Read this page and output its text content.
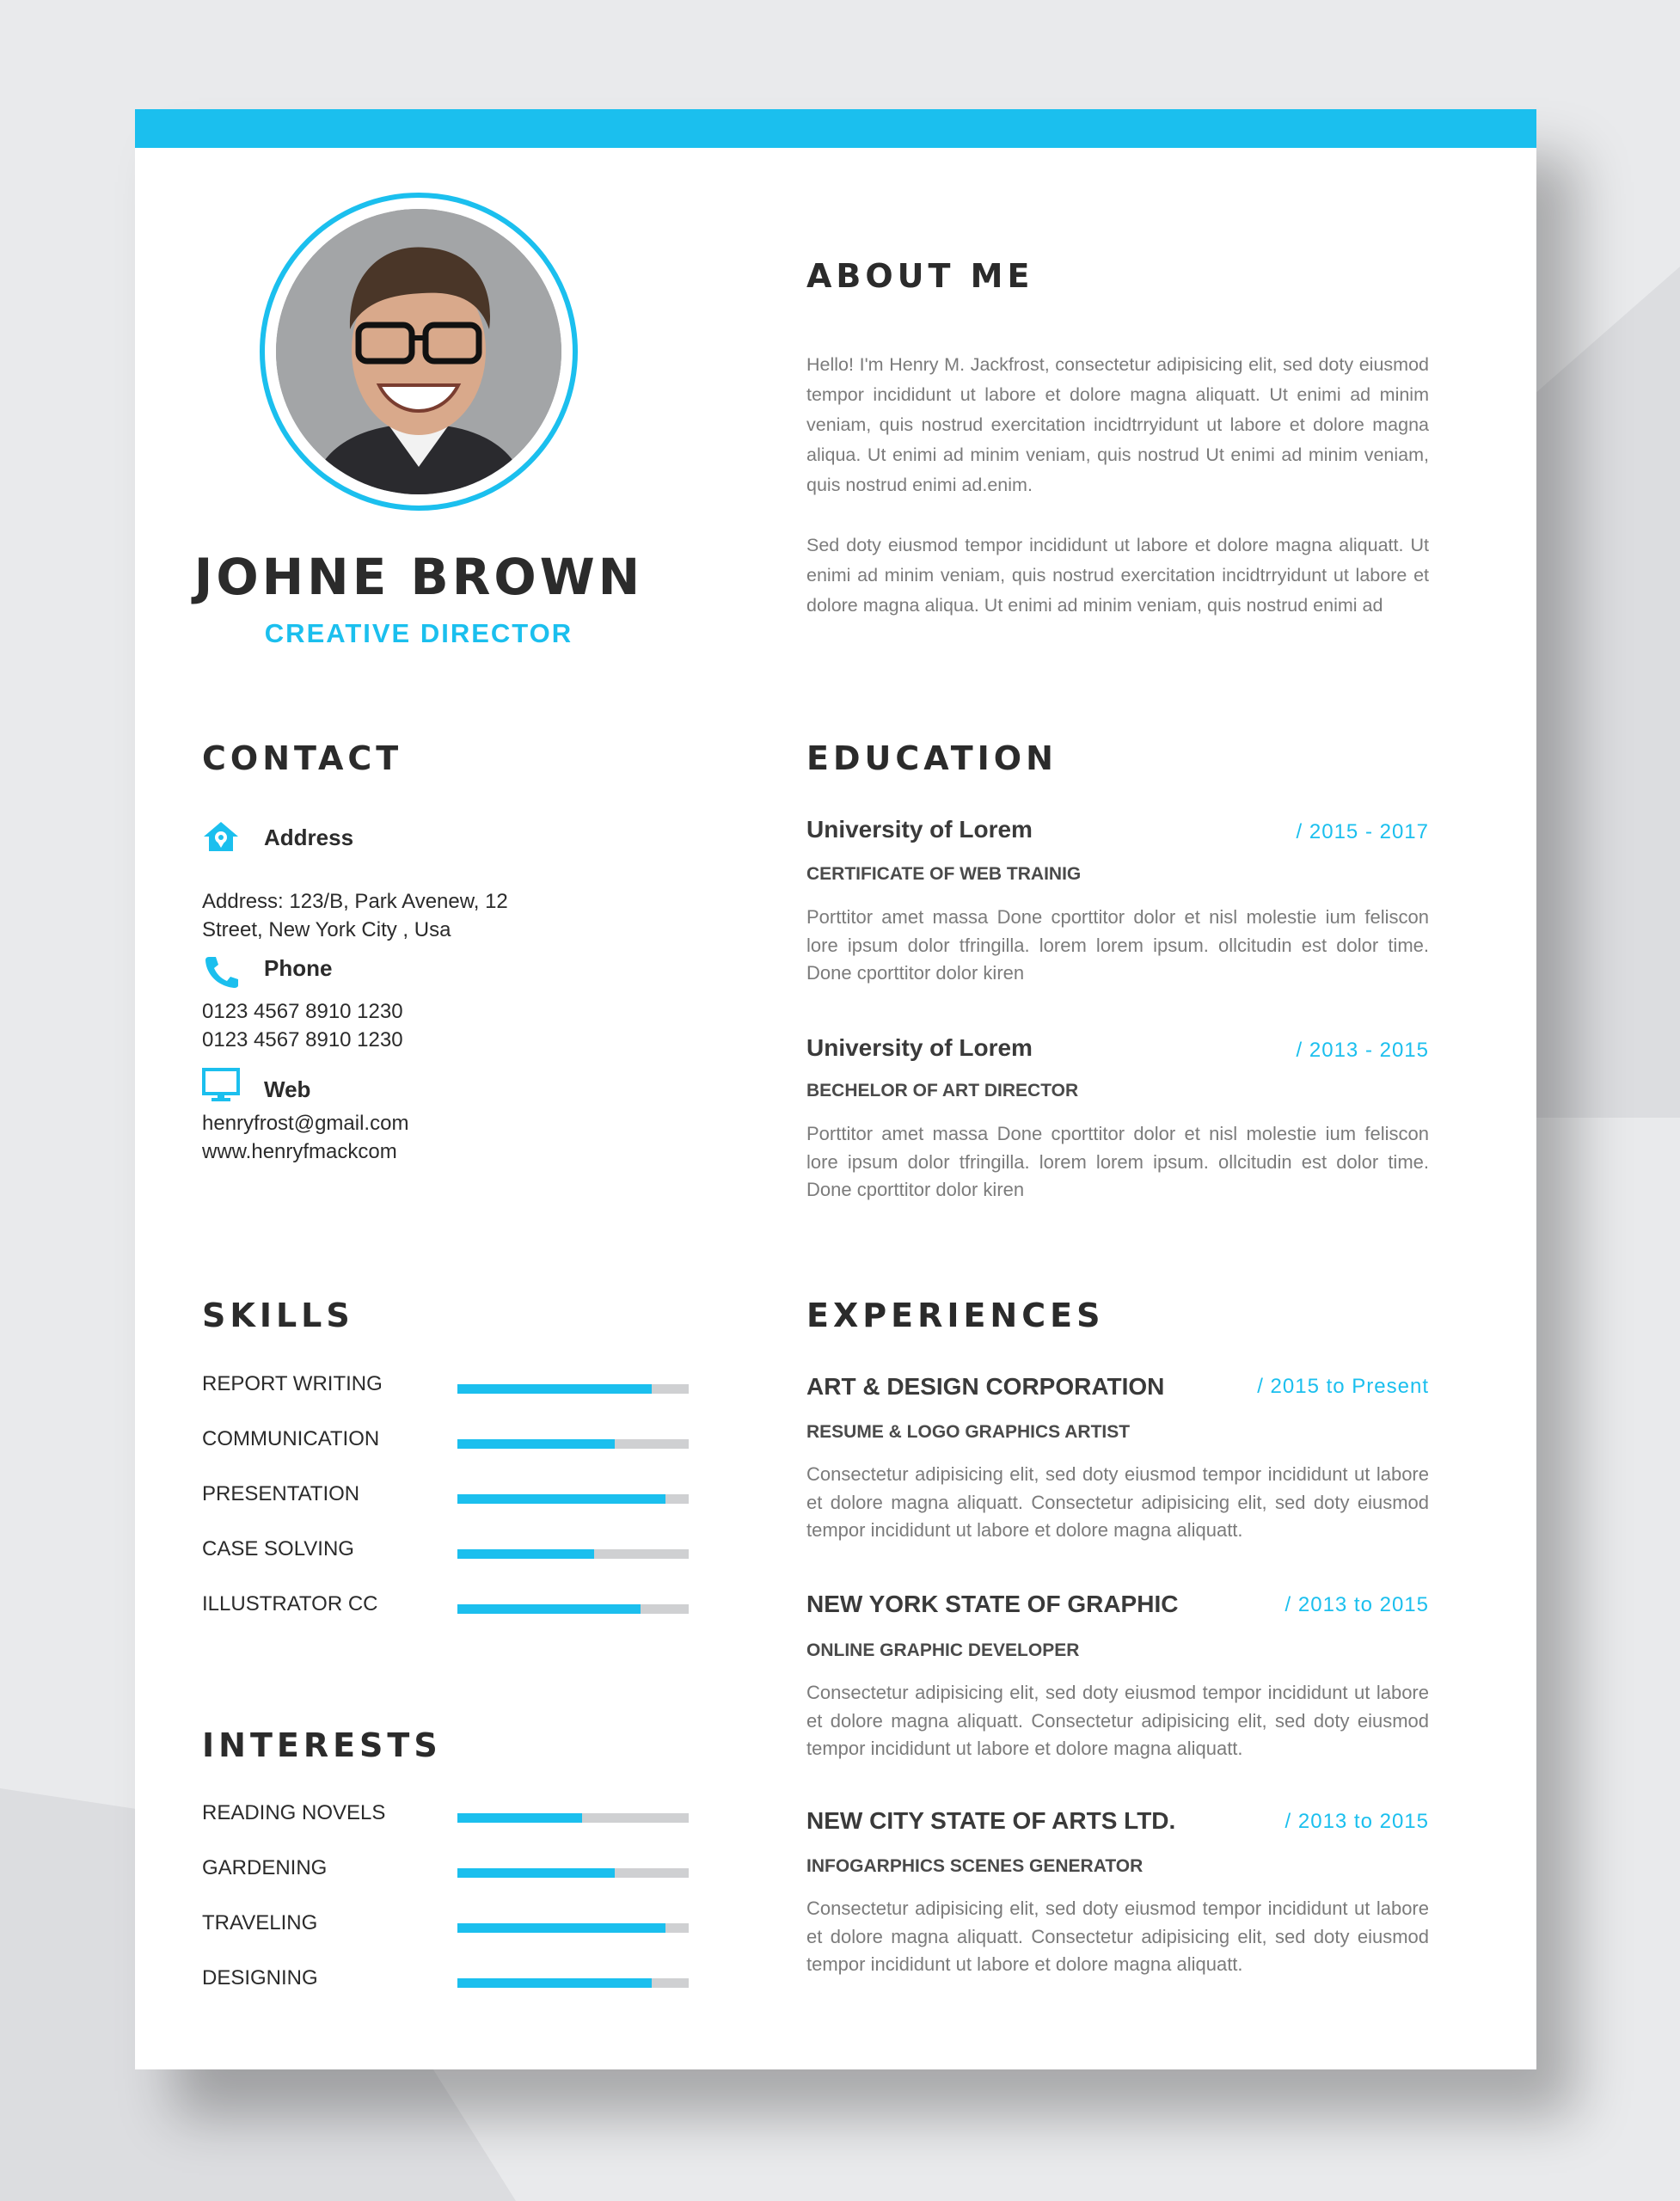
JOHNE BROWN
CREATIVE DIRECTOR
ABOUT ME

Hello! I'm Henry M. Jackfrost, consectetur adipisicing elit, sed doty eiusmod tempor incididunt ut labore et dolore magna aliquatt. Ut enimi ad minim veniam, quis nostrud exercitation incidtrryidunt ut labore et dolore magna aliqua. Ut enimi ad minim veniam, quis nostrud Ut enimi ad minim veniam, quis nostrud enimi ad.enim.

Sed doty eiusmod tempor incididunt ut labore et dolore magna aliquatt. Ut enimi ad minim veniam, quis nostrud exercitation incidtrryidunt ut labore et dolore magna aliqua. Ut enimi ad minim veniam, quis nostrud enimi ad

CONTACT
Address
Address: 123/B, Park Avenew, 12
Street, New York City , Usa
Phone
0123 4567 8910 1230
0123 4567 8910 1230
Web
henryfrost@gmail.com
www.henryfmackcom
EDUCATION
University of Lorem	/ 2015 - 2017
CERTIFICATE OF WEB TRAINIG

Porttitor amet massa Done cporttitor dolor et nisl molestie ium feliscon lore ipsum dolor tfringilla. lorem lorem ipsum. ollcitudin est dolor time. Done cporttitor dolor kiren

University of Lorem	/ 2013 - 2015
BECHELOR OF ART DIRECTOR

Porttitor amet massa Done cporttitor dolor et nisl molestie ium feliscon lore ipsum dolor tfringilla. lorem lorem ipsum. ollcitudin est dolor time. Done cporttitor dolor kiren

SKILLS
REPORT WRITING
COMMUNICATION
PRESENTATION
CASE SOLVING
ILLUSTRATOR CC
INTERESTS
READING NOVELS
GARDENING
TRAVELING
DESIGNING
EXPERIENCES
ART & DESIGN CORPORATION	/ 2015 to Present
RESUME & LOGO GRAPHICS ARTIST

Consectetur adipisicing elit, sed doty eiusmod tempor incididunt ut labore et dolore magna aliquatt. Consectetur adipisicing elit, sed doty eiusmod tempor incididunt ut labore et dolore magna aliquatt.

NEW YORK STATE OF GRAPHIC	/ 2013 to 2015
ONLINE GRAPHIC DEVELOPER

Consectetur adipisicing elit, sed doty eiusmod tempor incididunt ut labore et dolore magna aliquatt. Consectetur adipisicing elit, sed doty eiusmod tempor incididunt ut labore et dolore magna aliquatt.

NEW CITY STATE OF ARTS LTD.	/ 2013 to 2015
INFOGARPHICS SCENES GENERATOR

Consectetur adipisicing elit, sed doty eiusmod tempor incididunt ut labore et dolore magna aliquatt. Consectetur adipisicing elit, sed doty eiusmod tempor incididunt ut labore et dolore magna aliquatt.
